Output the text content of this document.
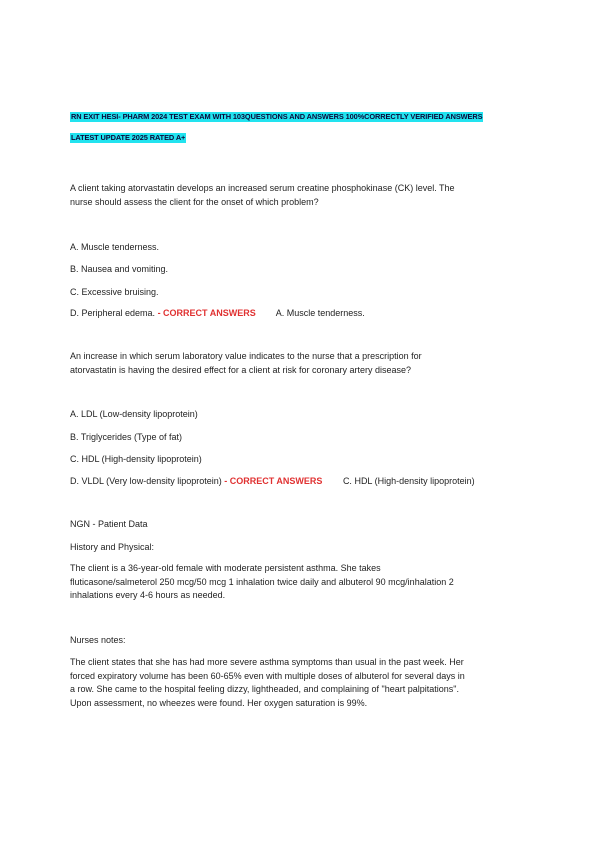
RN EXIT HESI- PHARM 2024 TEST EXAM WITH 103QUESTIONS AND ANSWERS 100%CORRECTLY VERIFIED ANSWERS
LATEST UPDATE 2025 RATED A+
A client taking atorvastatin develops an increased serum creatine phosphokinase (CK) level. The
nurse should assess the client for the onset of which problem?
A. Muscle tenderness.
B. Nausea and vomiting.
C. Excessive bruising.
D. Peripheral edema. - CORRECT ANSWERS A. Muscle tenderness.
An increase in which serum laboratory value indicates to the nurse that a prescription for
atorvastatin is having the desired effect for a client at risk for coronary artery disease?
A. LDL (Low-density lipoprotein)
B. Triglycerides (Type of fat)
C. HDL (High-density lipoprotein)
D. VLDL (Very low-density lipoprotein) - CORRECT ANSWERS C. HDL (High-density lipoprotein)
NGN - Patient Data
History and Physical:
The client is a 36-year-old female with moderate persistent asthma. She takes
fluticasone/salmeterol 250 mcg/50 mcg 1 inhalation twice daily and albuterol 90 mcg/inhalation 2
inhalations every 4-6 hours as needed.
Nurses notes:
The client states that she has had more severe asthma symptoms than usual in the past week. Her
forced expiratory volume has been 60-65% even with multiple doses of albuterol for several days in
a row. She came to the hospital feeling dizzy, lightheaded, and complaining of "heart palpitations".
Upon assessment, no wheezes were found. Her oxygen saturation is 99%.
